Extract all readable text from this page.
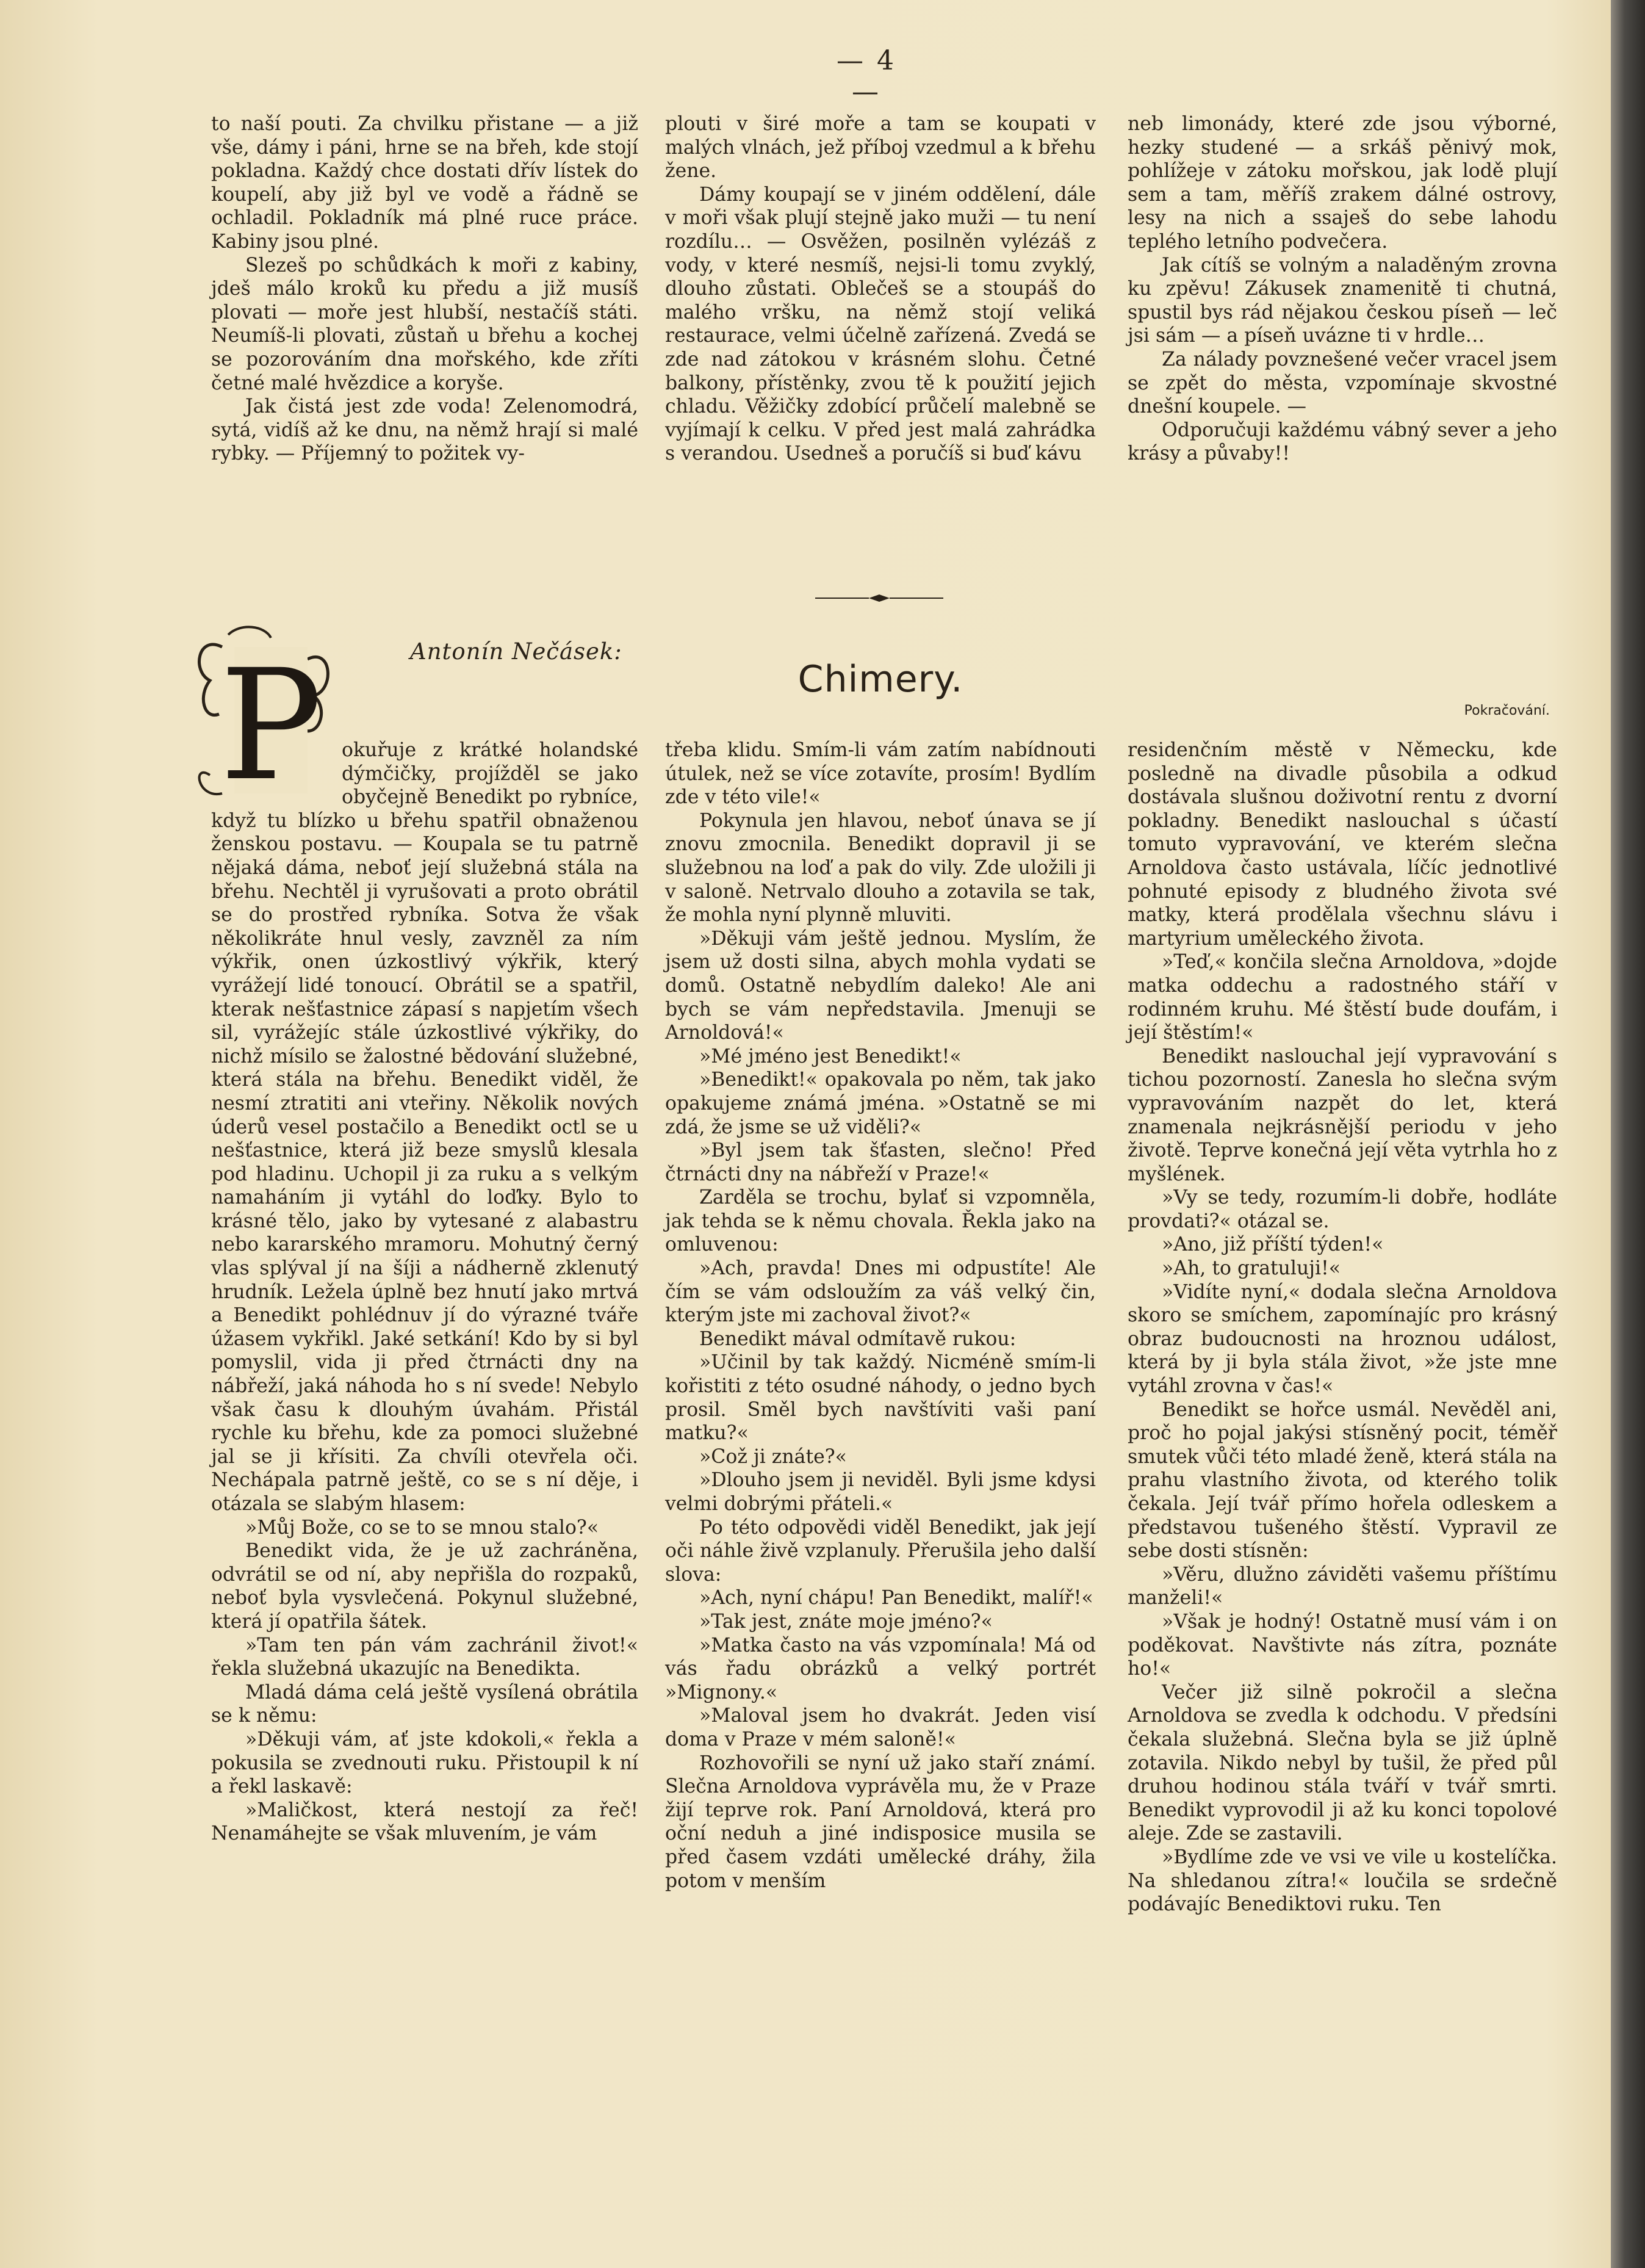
— 4 —

to naší pouti. Za chvilku přistane — a již vše, dámy i páni, hrne se na břeh, kde stojí pokladna. Každý chce dostati dřív lístek do koupelí, aby již byl ve vodě a řádně se ochladil. Pokladník má plné ruce práce. Kabiny jsou plné.

Slezeš po schůdkách k moři z kabiny, jdeš málo kroků ku předu a již musíš plovati — moře jest hlubší, nestačíš státi. Neumíš-li plovati, zůstaň u břehu a kochej se pozorováním dna mořského, kde zříti četné malé hvězdice a koryše.

Jak čistá jest zde voda! Zelenomodrá, sytá, vidíš až ke dnu, na němž hrají si malé rybky. — Příjemný to požitek vy-

plouti v širé moře a tam se koupati v malých vlnách, jež příboj vzedmul a k břehu žene.

Dámy koupají se v jiném oddělení, dále v moři však plují stejně jako muži — tu není rozdílu… — Osvěžen, posilněn vylézáš z vody, v které nesmíš, nejsi-li tomu zvyklý, dlouho zůstati. Oblečeš se a stoupáš do malého vršku, na němž stojí veliká restaurace, velmi účelně zařízená. Zvedá se zde nad zátokou v krásném slohu. Četné balkony, přístěnky, zvou tě k použití jejich chladu. Věžičky zdobící průčelí malebně se vyjímají k celku. V před jest malá zahrádka s verandou. Usedneš a poručíš si buď kávu

neb limonády, které zde jsou výborné, hezky studené — a srkáš pěnivý mok, pohlížeje v zátoku mořskou, jak lodě plují sem a tam, měříš zrakem dálné ostrovy, lesy na nich a ssaješ do sebe lahodu teplého letního podvečera.

Jak cítíš se volným a naladěným zrovna ku zpěvu! Zákusek znamenitě ti chutná, spustil bys rád nějakou českou píseň — leč jsi sám — a píseň uvázne ti v hrdle…

Za nálady povznešené večer vracel jsem se zpět do města, vzpomínaje skvostné dnešní koupele. —

Odporučuji každému vábný sever a jeho krásy a půvaby!!

Antonín Nečásek:
Chimery.
Pokračování.
P	okuřuje z krátké holandské dýmčičky, projížděl se jako obyčejně Benedikt po rybníce, když tu blízko u břehu spatřil obnaženou ženskou postavu. — Koupala se tu patrně nějaká dáma, neboť její služebná stála na břehu. Nechtěl ji vyrušovati a proto obrátil se do prostřed rybníka. Sotva že však několikráte hnul vesly, zavzněl za ním výkřik, onen úzkostlivý výkřik, který vyrážejí lidé tonoucí. Obrátil se a spatřil, kterak nešťastnice zápasí s napjetím všech sil, vyrážejíc stále úzkostlivé výkřiky, do nichž mísilo se žalostné bědování služebné, která stála na břehu. Benedikt viděl, že nesmí ztratiti ani vteřiny. Několik nových úderů vesel postačilo a Benedikt octl se u nešťastnice, která již beze smyslů klesala pod hladinu. Uchopil ji za ruku a s velkým namaháním ji vytáhl do loďky. Bylo to krásné tělo, jako by vytesané z alabastru nebo kararského mramoru. Mohutný černý vlas splýval jí na šíji a nádherně zklenutý hrudník. Ležela úplně bez hnutí jako mrtvá a Benedikt pohlédnuv jí do výrazné tváře úžasem vykřikl. Jaké setkání! Kdo by si byl pomyslil, vida ji před čtrnácti dny na nábřeží, jaká náhoda ho s ní svede! Nebylo však času k dlouhým úvahám. Přistál rychle ku břehu, kde za pomoci služebné jal se ji křísiti. Za chvíli otevřela oči. Nechápala patrně ještě, co se s ní děje, i otázala se slabým hlasem:

»Můj Bože, co se to se mnou stalo?«

Benedikt vida, že je už zachráněna, odvrátil se od ní, aby nepřišla do rozpaků, neboť byla vysvlečená. Pokynul služebné, která jí opatřila šátek.

»Tam ten pán vám zachránil život!« řekla služebná ukazujíc na Benedikta.

Mladá dáma celá ještě vysílená obrátila se k němu:

»Děkuji vám, ať jste kdokoli,« řekla a pokusila se zvednouti ruku. Přistoupil k ní a řekl laskavě:

»Maličkost, která nestojí za řeč! Nenamáhejte se však mluvením, je vám

třeba klidu. Smím-li vám zatím nabídnouti útulek, než se více zotavíte, prosím! Bydlím zde v této vile!«

Pokynula jen hlavou, neboť únava se jí znovu zmocnila. Benedikt dopravil ji se služebnou na loď a pak do vily. Zde uložili ji v saloně. Netrvalo dlouho a zotavila se tak, že mohla nyní plynně mluviti.

»Děkuji vám ještě jednou. Myslím, že jsem už dosti silna, abych mohla vydati se domů. Ostatně nebydlím daleko! Ale ani bych se vám nepředstavila. Jmenuji se Arnoldová!«

»Mé jméno jest Benedikt!«

»Benedikt!« opakovala po něm, tak jako opakujeme známá jména. »Ostatně se mi zdá, že jsme se už viděli?«

»Byl jsem tak šťasten, slečno! Před čtrnácti dny na nábřeží v Praze!«

Zarděla se trochu, bylať si vzpomněla, jak tehda se k němu chovala. Řekla jako na omluvenou:

»Ach, pravda! Dnes mi odpustíte! Ale čím se vám odsloužím za váš velký čin, kterým jste mi zachoval život?«

Benedikt mával odmítavě rukou:

»Učinil by tak každý. Nicméně smím-li kořistiti z této osudné náhody, o jedno bych prosil. Směl bych navštíviti vaši paní matku?«

»Což ji znáte?«

»Dlouho jsem ji neviděl. Byli jsme kdysi velmi dobrými přáteli.«

Po této odpovědi viděl Benedikt, jak její oči náhle živě vzplanuly. Přerušila jeho další slova:

»Ach, nyní chápu! Pan Benedikt, malíř!«

»Tak jest, znáte moje jméno?«

»Matka často na vás vzpomínala! Má od vás řadu obrázků a velký portrét »Mignony.«

»Maloval jsem ho dvakrát. Jeden visí doma v Praze v mém saloně!«

Rozhovořili se nyní už jako staří známí. Slečna Arnoldova vyprávěla mu, že v Praze žijí teprve rok. Paní Arnoldová, která pro oční neduh a jiné indisposice musila se před časem vzdáti umělecké dráhy, žila potom v menším

residenčním městě v Německu, kde posledně na divadle působila a odkud dostávala slušnou doživotní rentu z dvorní pokladny. Benedikt naslouchal s účastí tomuto vypravování, ve kterém slečna Arnoldova často ustávala, líčíc jednotlivé pohnuté episody z bludného života své matky, která prodělala všechnu slávu i martyrium uměleckého života.

»Teď,« končila slečna Arnoldova, »dojde matka oddechu a radostného stáří v rodinném kruhu. Mé štěstí bude doufám, i její štěstím!«

Benedikt naslouchal její vypravování s tichou pozorností. Zanesla ho slečna svým vypravováním nazpět do let, která znamenala nejkrásnější periodu v jeho životě. Teprve konečná její věta vytrhla ho z myšlének.

»Vy se tedy, rozumím-li dobře, hodláte provdati?« otázal se.

»Ano, již příští týden!«

»Ah, to gratuluji!«

»Vidíte nyní,« dodala slečna Arnoldova skoro se smíchem, zapomínajíc pro krásný obraz budoucnosti na hroznou událost, která by ji byla stála život, »že jste mne vytáhl zrovna v čas!«

Benedikt se hořce usmál. Nevěděl ani, proč ho pojal jakýsi stísněný pocit, téměř smutek vůči této mladé ženě, která stála na prahu vlastního života, od kterého tolik čekala. Její tvář přímo hořela odleskem a představou tušeného štěstí. Vypravil ze sebe dosti stísněn:

»Věru, dlužno záviděti vašemu příštímu manželi!«

»Však je hodný! Ostatně musí vám i on poděkovat. Navštivte nás zítra, poznáte ho!«

Večer již silně pokročil a slečna Arnoldova se zvedla k odchodu. V předsíni čekala služebná. Slečna byla se již úplně zotavila. Nikdo nebyl by tušil, že před půl druhou hodinou stála tváří v tvář smrti. Benedikt vyprovodil ji až ku konci topolové aleje. Zde se zastavili.

»Bydlíme zde ve vsi ve vile u kostelíčka. Na shledanou zítra!« loučila se srdečně podávajíc Benediktovi ruku. Ten
